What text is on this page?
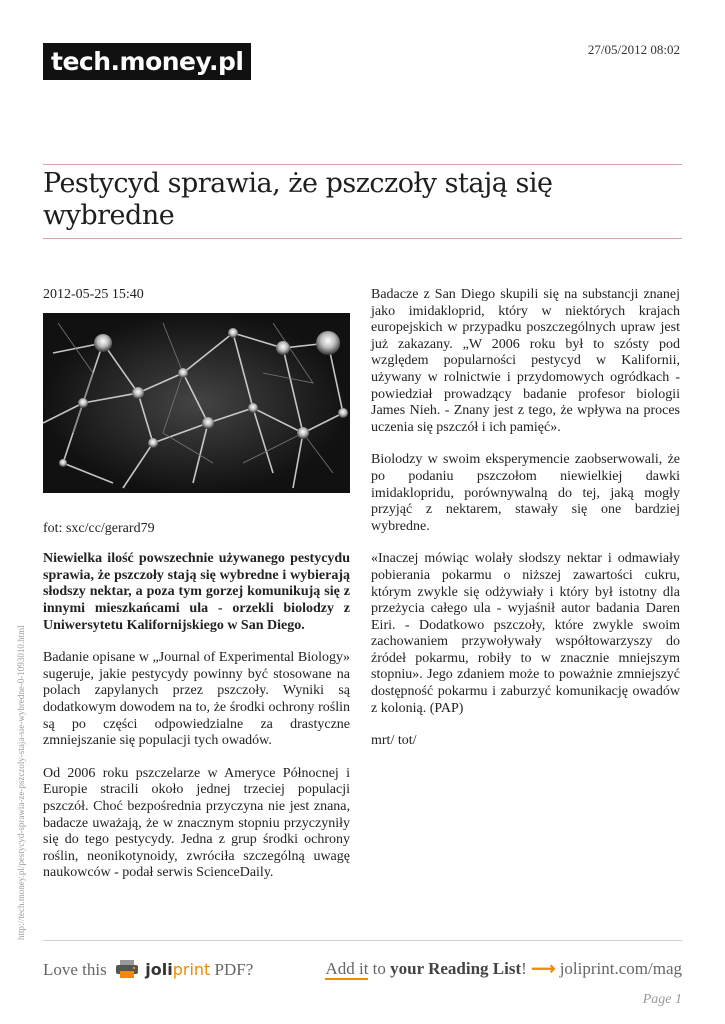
tech.money.pl	27/05/2012 08:02
Pestycyd sprawia, że pszczoły stają się wybredne
2012-05-25 15:40

fot: sxc/cc/gerard79

Niewielka ilość powszechnie używanego pestycydu sprawia, że pszczoły stają się wybredne i wybierają słodszy nektar, a poza tym gorzej komunikują się z innymi mieszkańcami ula - orzekli biolodzy z Uniwersytetu Kalifornijskiego w San Diego.

Badanie opisane w „Journal of Experimental Biology» sugeruje, jakie pestycydy powinny być stosowane na polach zapylanych przez pszczoły. Wyniki są dodatkowym dowodem na to, że środki ochrony roślin są po części odpowiedzialne za drastyczne zmniejszanie się populacji tych owadów.

Od 2006 roku pszczelarze w Ameryce Północnej i Europie stracili około jednej trzeciej populacji pszczół. Choć bezpośrednia przyczyna nie jest znana, badacze uważają, że w znacznym stopniu przyczyniły się do tego pestycydy. Jedna z grup środki ochrony roślin, neonikotynoidy, zwróciła szczególną uwagę naukowców - podał serwis ScienceDaily.

Badacze z San Diego skupili się na substancji znanej jako imidakloprid, który w niektórych krajach europejskich w przypadku poszczególnych upraw jest już zakazany. „W 2006 roku był to szósty pod względem popularności pestycyd w Kalifornii, używany w rolnictwie i przydomowych ogródkach - powiedział prowadzący badanie profesor biologii James Nieh. - Znany jest z tego, że wpływa na proces uczenia się pszczół i ich pamięć».

Biolodzy w swoim eksperymencie zaobserwowali, że po podaniu pszczołom niewielkiej dawki imidaklopridu, porównywalną do tej, jaką mogły przyjąć z nektarem, stawały się one bardziej wybredne.

«Inaczej mówiąc wolały słodszy nektar i odmawiały pobierania pokarmu o niższej zawartości cukru, którym zwykle się odżywiały i który był istotny dla przeżycia całego ula - wyjaśnił autor badania Daren Eiri. - Dodatkowo pszczoły, które zwykle swoim zachowaniem przywoływały współtowarzyszy do źródeł pokarmu, robiły to w znacznie mniejszym stopniu». Jego zdaniem może to poważnie zmniejszyć dostępność pokarmu i zaburzyć komunikację owadów z kolonią. (PAP)

mrt/ tot/

http://tech.money.pl/pestycyd-sprawia-ze-pszczoly-staja-sie-wybredne-0-1093010.html
Love this joliprint PDF?	Add it to your Reading List! ⟶ joliprint.com/mag
Page 1
